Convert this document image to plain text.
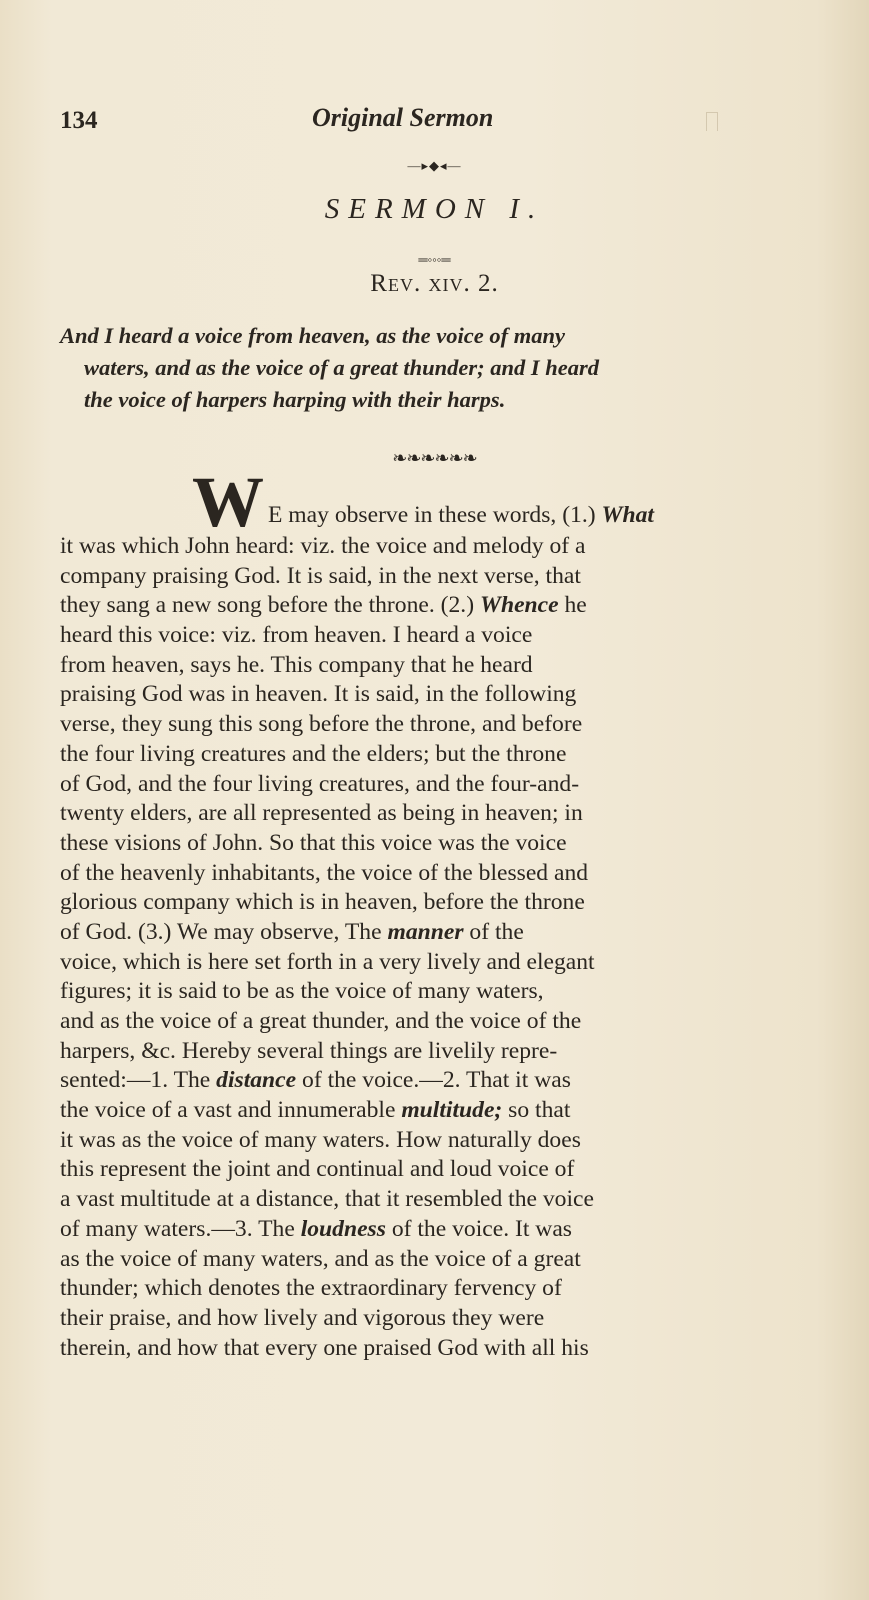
134	Original Sermon
—▸◆◂—
SERMON I.
═◦◦◦═
Rev. xiv. 2.
And I heard a voice from heaven, as the voice of many
waters, and as the voice of a great thunder; and I heard
the voice of harpers harping with their harps.
❧❧❧❧❧❧
W E may observe in these words, (1.) What
it was which John heard: viz. the voice and melody of a
company praising God. It is said, in the next verse, that
they sang a new song before the throne. (2.) Whence he
heard this voice: viz. from heaven. I heard a voice
from heaven, says he. This company that he heard
praising God was in heaven. It is said, in the following
verse, they sung this song before the throne, and before
the four living creatures and the elders; but the throne
of God, and the four living creatures, and the four-and-
twenty elders, are all represented as being in heaven; in
these visions of John. So that this voice was the voice
of the heavenly inhabitants, the voice of the blessed and
glorious company which is in heaven, before the throne
of God. (3.) We may observe, The manner of the
voice, which is here set forth in a very lively and elegant
figures; it is said to be as the voice of many waters,
and as the voice of a great thunder, and the voice of the
harpers, &c. Hereby several things are livelily repre-
sented:—1. The distance of the voice.—2. That it was
the voice of a vast and innumerable multitude; so that
it was as the voice of many waters. How naturally does
this represent the joint and continual and loud voice of
a vast multitude at a distance, that it resembled the voice
of many waters.—3. The loudness of the voice. It was
as the voice of many waters, and as the voice of a great
thunder; which denotes the extraordinary fervency of
their praise, and how lively and vigorous they were
therein, and how that every one praised God with all his
